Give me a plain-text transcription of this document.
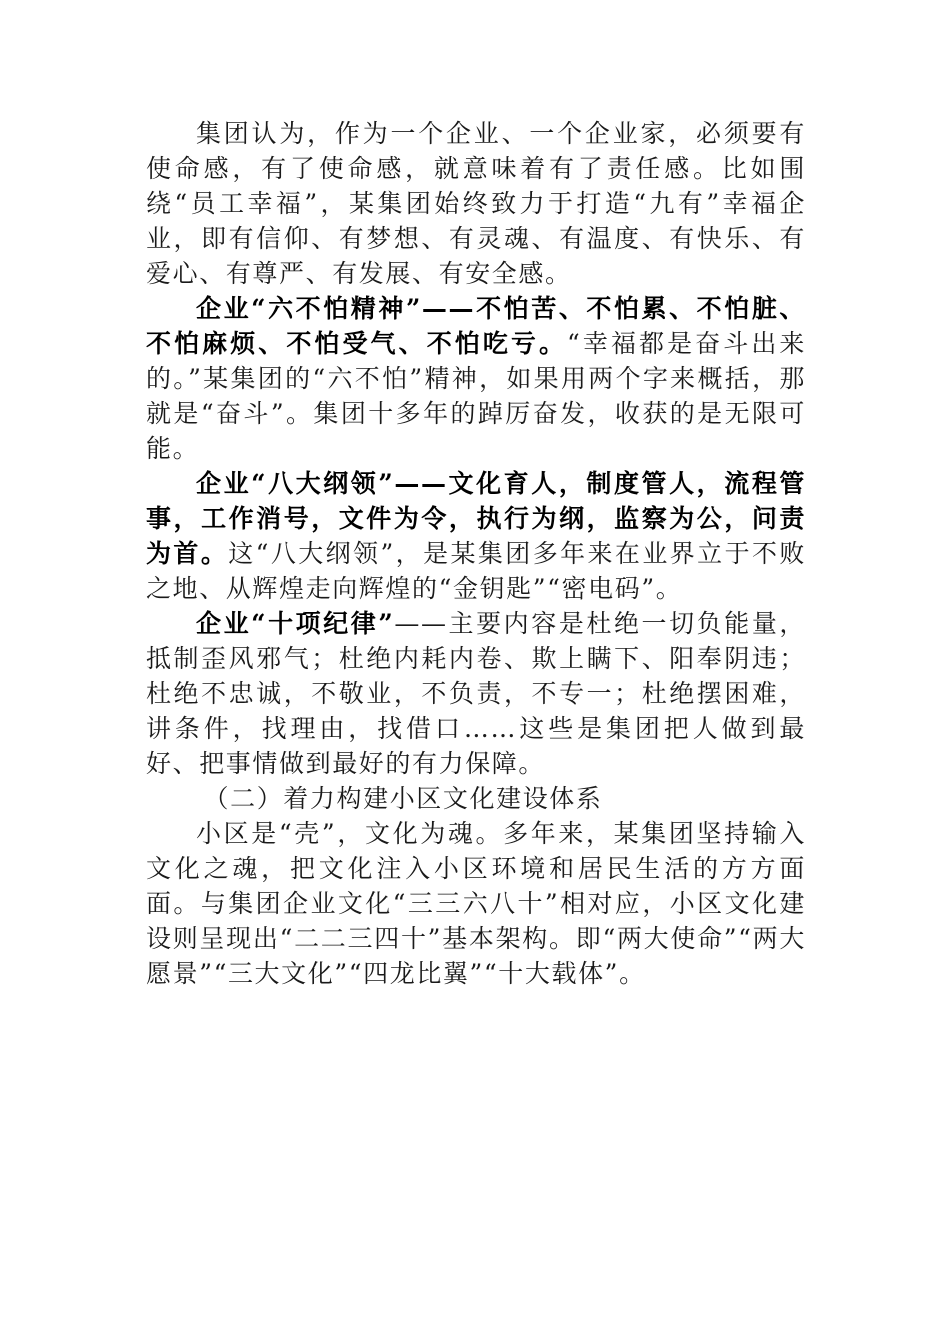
集团认为，作为一个企业、一个企业家，必须要有使命感，有了使命感，就意味着有了责任感。比如围绕“员工幸福”，某集团始终致力于打造“九有”幸福企业，即有信仰、有梦想、有灵魂、有温度、有快乐、有爱心、有尊严、有发展、有安全感。

企业“六不怕精神”——不怕苦、不怕累、不怕脏、不怕麻烦、不怕受气、不怕吃亏。“幸福都是奋斗出来的。”某集团的“六不怕”精神，如果用两个字来概括，那就是“奋斗”。集团十多年的踔厉奋发，收获的是无限可能。

企业“八大纲领”——文化育人，制度管人，流程管事，工作消号，文件为令，执行为纲，监察为公，问责为首。这“八大纲领”，是某集团多年来在业界立于不败之地、从辉煌走向辉煌的“金钥匙”“密电码”。

企业“十项纪律”——主要内容是杜绝一切负能量，抵制歪风邪气；杜绝内耗内卷、欺上瞒下、阳奉阴违；杜绝不忠诚，不敬业，不负责，不专一；杜绝摆困难，讲条件，找理由，找借口……这些是集团把人做到最好、把事情做到最好的有力保障。

（二）着力构建小区文化建设体系

小区是“壳”，文化为魂。多年来，某集团坚持输入文化之魂，把文化注入小区环境和居民生活的方方面面。与集团企业文化“三三六八十”相对应，小区文化建设则呈现出“二二三四十”基本架构。即“两大使命”“两大愿景”“三大文化”“四龙比翼”“十大载体”。
